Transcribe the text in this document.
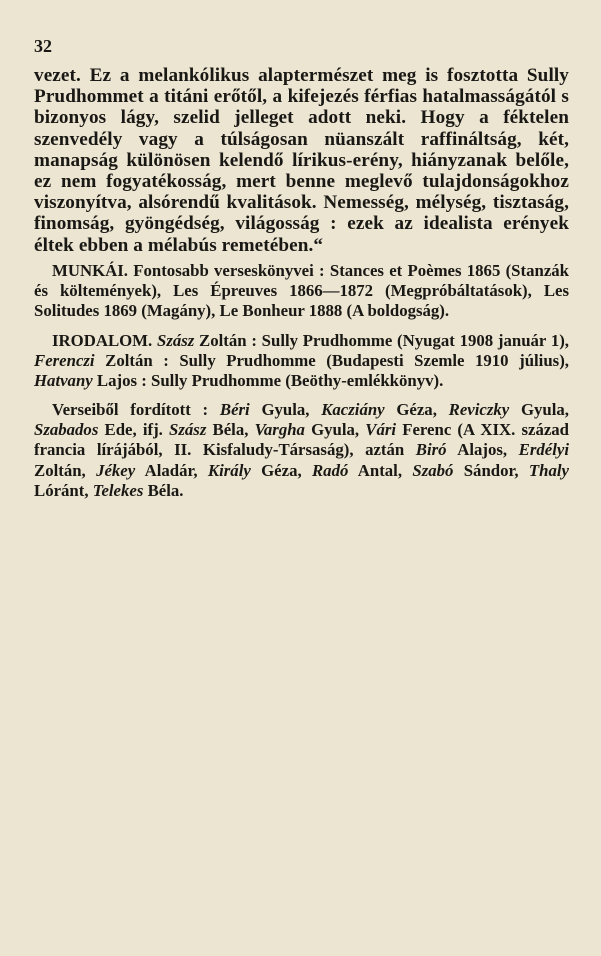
32

vezet. Ez a melankólikus alaptermészet meg is fosztotta Sully Prudhommet a titáni erőtől, a kifejezés férfias hatalmasságától s bizonyos lágy, szelid jelleget adott neki. Hogy a féktelen szenvedély vagy a túlságosan nüanszált raffináltság, két, manapság különösen kelendő lírikus-erény, hiányzanak belőle, ez nem fogyatékosság, mert benne meglevő tulajdonságokhoz viszonyítva, alsórendű kvalitások. Nemesség, mélység, tisztaság, finomság, gyöngédség, világosság : ezek az idealista erények éltek ebben a mélabús remetében.“

MUNKÁI. Fontosabb verseskönyvei : Stances et Poèmes 1865 (Stanzák és költemények), Les Épreuves 1866—1872 (Megpróbáltatások), Les Solitudes 1869 (Magány), Le Bonheur 1888 (A boldogság).

IRODALOM. Szász Zoltán : Sully Prudhomme (Nyugat 1908 január 1), Ferenczi Zoltán : Sully Prudhomme (Budapesti Szemle 1910 július), Hatvany Lajos : Sully Prudhomme (Beöthy-emlékkönyv).

Verseiből fordított : Béri Gyula, Kacziány Géza, Reviczky Gyula, Szabados Ede, ifj. Szász Béla, Vargha Gyula, Vári Ferenc (A XIX. század francia lírájából, II. Kisfaludy-Társaság), aztán Biró Alajos, Erdélyi Zoltán, Jékey Aladár, Király Géza, Radó Antal, Szabó Sándor, Thaly Lóránt, Telekes Béla.
